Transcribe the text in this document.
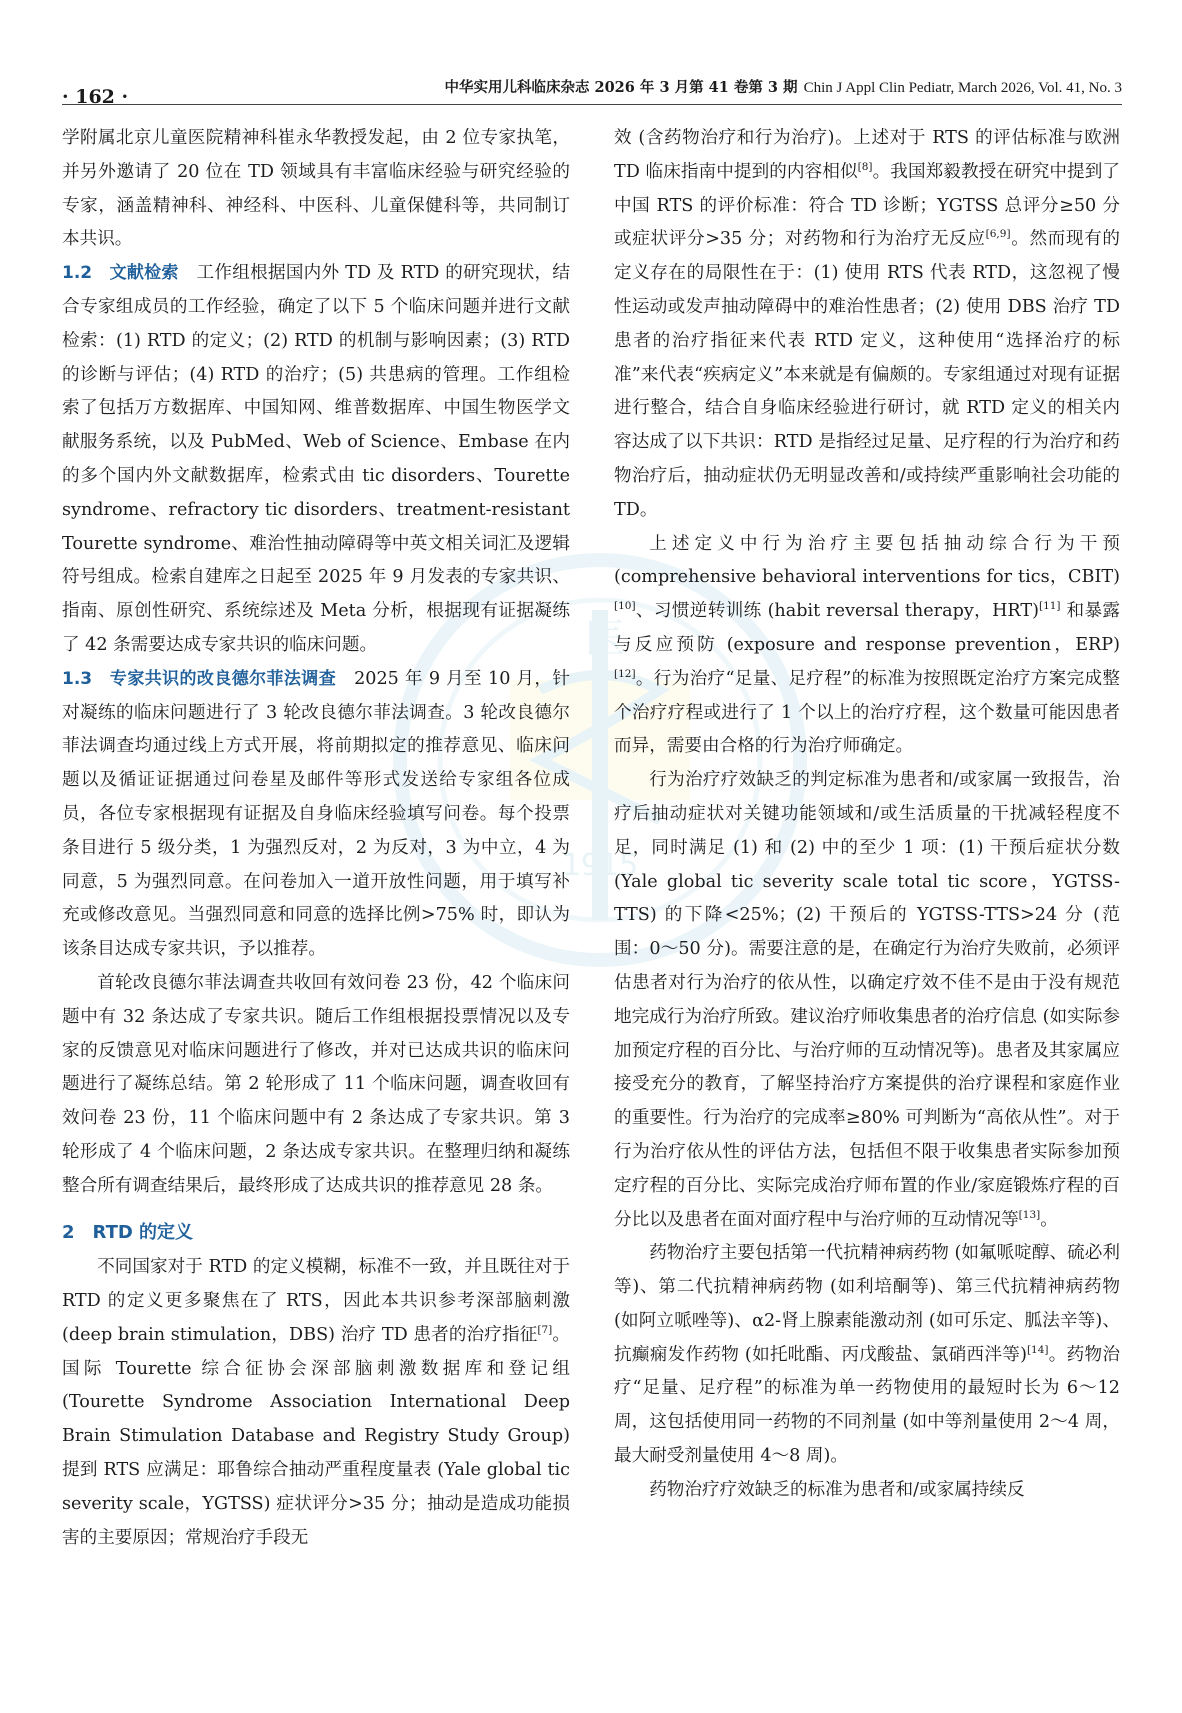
· 162 ·	中华实用儿科临床杂志 2026 年 3 月第 41 卷第 3 期 Chin J Appl Clin Pediatr, March 2026, Vol. 41, No. 3
医
1915

学附属北京儿童医院精神科崔永华教授发起，由 2 位专家执笔，并另外邀请了 20 位在 TD 领域具有丰富临床经验与研究经验的专家，涵盖精神科、神经科、中医科、儿童保健科等，共同制订本共识。

1.2　文献检索　工作组根据国内外 TD 及 RTD 的研究现状，结合专家组成员的工作经验，确定了以下 5 个临床问题并进行文献检索：(1) RTD 的定义；(2) RTD 的机制与影响因素；(3) RTD 的诊断与评估；(4) RTD 的治疗；(5) 共患病的管理。工作组检索了包括万方数据库、中国知网、维普数据库、中国生物医学文献服务系统，以及 PubMed、Web of Science、Embase 在内的多个国内外文献数据库，检索式由 tic disorders、Tourette syndrome、refractory tic disorders、treatment-resistant Tourette syndrome、难治性抽动障碍等中英文相关词汇及逻辑符号组成。检索自建库之日起至 2025 年 9 月发表的专家共识、指南、原创性研究、系统综述及 Meta 分析，根据现有证据凝练了 42 条需要达成专家共识的临床问题。

1.3　专家共识的改良德尔菲法调查　2025 年 9 月至 10 月，针对凝练的临床问题进行了 3 轮改良德尔菲法调查。3 轮改良德尔菲法调查均通过线上方式开展，将前期拟定的推荐意见、临床问题以及循证证据通过问卷星及邮件等形式发送给专家组各位成员，各位专家根据现有证据及自身临床经验填写问卷。每个投票条目进行 5 级分类，1 为强烈反对，2 为反对，3 为中立，4 为同意，5 为强烈同意。在问卷加入一道开放性问题，用于填写补充或修改意见。当强烈同意和同意的选择比例>75% 时，即认为该条目达成专家共识，予以推荐。

首轮改良德尔菲法调查共收回有效问卷 23 份，42 个临床问题中有 32 条达成了专家共识。随后工作组根据投票情况以及专家的反馈意见对临床问题进行了修改，并对已达成共识的临床问题进行了凝练总结。第 2 轮形成了 11 个临床问题，调查收回有效问卷 23 份，11 个临床问题中有 2 条达成了专家共识。第 3 轮形成了 4 个临床问题，2 条达成专家共识。在整理归纳和凝练整合所有调查结果后，最终形成了达成共识的推荐意见 28 条。

2　RTD 的定义

不同国家对于 RTD 的定义模糊，标准不一致，并且既往对于 RTD 的定义更多聚焦在了 RTS，因此本共识参考深部脑刺激 (deep brain stimulation，DBS) 治疗 TD 患者的治疗指征[7]。国际 Tourette 综合征协会深部脑刺激数据库和登记组 (Tourette Syndrome Association International Deep Brain Stimulation Database and Registry Study Group) 提到 RTS 应满足：耶鲁综合抽动严重程度量表 (Yale global tic severity scale，YGTSS) 症状评分>35 分；抽动是造成功能损害的主要原因；常规治疗手段无

效 (含药物治疗和行为治疗)。上述对于 RTS 的评估标准与欧洲 TD 临床指南中提到的内容相似[8]。我国郑毅教授在研究中提到了中国 RTS 的评价标准：符合 TD 诊断；YGTSS 总评分≥50 分或症状评分>35 分；对药物和行为治疗无反应[6,9]。然而现有的定义存在的局限性在于：(1) 使用 RTS 代表 RTD，这忽视了慢性运动或发声抽动障碍中的难治性患者；(2) 使用 DBS 治疗 TD 患者的治疗指征来代表 RTD 定义，这种使用“选择治疗的标准”来代表“疾病定义”本来就是有偏颇的。专家组通过对现有证据进行整合，结合自身临床经验进行研讨，就 RTD 定义的相关内容达成了以下共识：RTD 是指经过足量、足疗程的行为治疗和药物治疗后，抽动症状仍无明显改善和/或持续严重影响社会功能的 TD。

上述定义中行为治疗主要包括抽动综合行为干预 (comprehensive behavioral interventions for tics，CBIT)[10]、习惯逆转训练 (habit reversal therapy，HRT)[11] 和暴露与反应预防 (exposure and response prevention，ERP)[12]。行为治疗“足量、足疗程”的标准为按照既定治疗方案完成整个治疗疗程或进行了 1 个以上的治疗疗程，这个数量可能因患者而异，需要由合格的行为治疗师确定。

行为治疗疗效缺乏的判定标准为患者和/或家属一致报告，治疗后抽动症状对关键功能领域和/或生活质量的干扰减轻程度不足，同时满足 (1) 和 (2) 中的至少 1 项：(1) 干预后症状分数 (Yale global tic severity scale total tic score，YGTSS-TTS) 的下降<25%；(2) 干预后的 YGTSS-TTS>24 分 (范围：0～50 分)。需要注意的是，在确定行为治疗失败前，必须评估患者对行为治疗的依从性，以确定疗效不佳不是由于没有规范地完成行为治疗所致。建议治疗师收集患者的治疗信息 (如实际参加预定疗程的百分比、与治疗师的互动情况等)。患者及其家属应接受充分的教育，了解坚持治疗方案提供的治疗课程和家庭作业的重要性。行为治疗的完成率≥80% 可判断为“高依从性”。对于行为治疗依从性的评估方法，包括但不限于收集患者实际参加预定疗程的百分比、实际完成治疗师布置的作业/家庭锻炼疗程的百分比以及患者在面对面疗程中与治疗师的互动情况等[13]。

药物治疗主要包括第一代抗精神病药物 (如氟哌啶醇、硫必利等)、第二代抗精神病药物 (如利培酮等)、第三代抗精神病药物 (如阿立哌唑等)、α2-肾上腺素能激动剂 (如可乐定、胍法辛等)、抗癫痫发作药物 (如托吡酯、丙戊酸盐、氯硝西泮等)[14]。药物治疗“足量、足疗程”的标准为单一药物使用的最短时长为 6～12 周，这包括使用同一药物的不同剂量 (如中等剂量使用 2～4 周，最大耐受剂量使用 4～8 周)。

药物治疗疗效缺乏的标准为患者和/或家属持续反
